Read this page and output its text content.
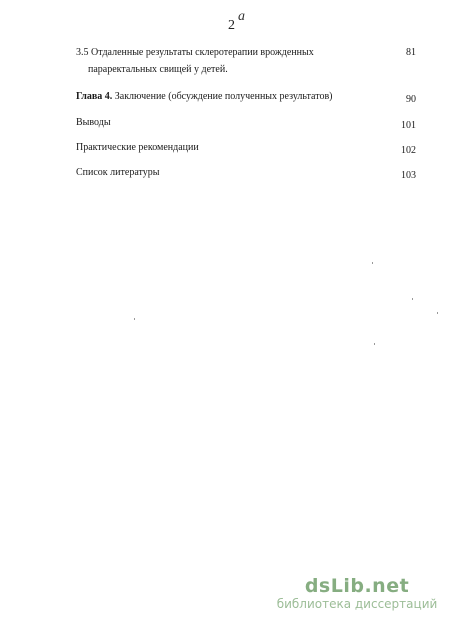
2
a
3.5 Отдаленные результаты склеротерапии врожденных
параректальных свищей у детей.
81
Глава 4. Заключение (обсуждение полученных результатов)	90
Выводы	101
Практические рекомендации	102
Список литературы	103
dsLib.net
библиотека диссертаций
